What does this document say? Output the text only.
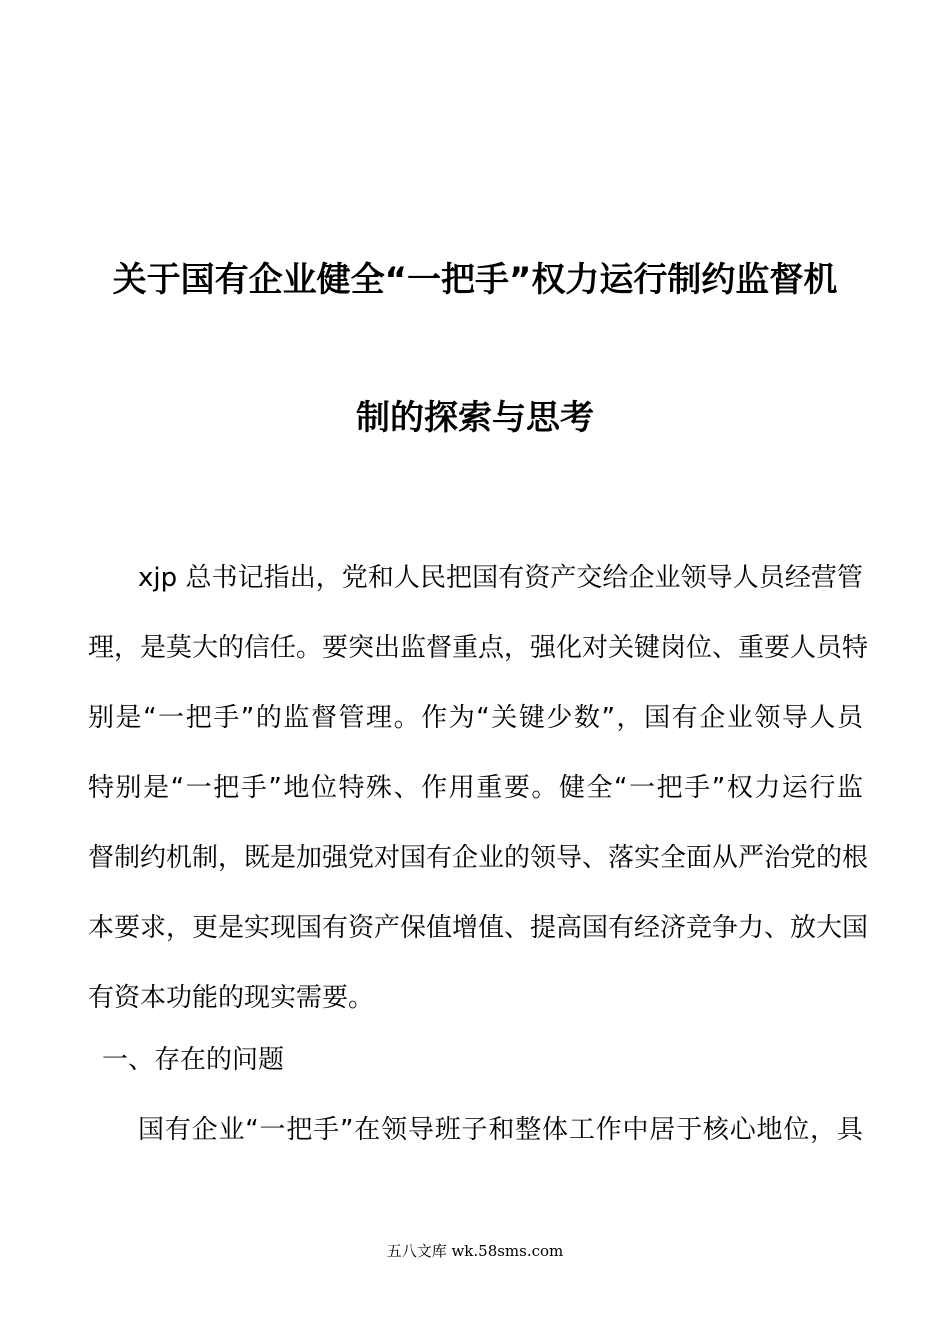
关于国有企业健全“一把手”权力运行制约监督机
制的探索与思考
xjp 总书记指出，党和人民把国有资产交给企业领导人员经营管
理，是莫大的信任。要突出监督重点，强化对关键岗位、重要人员特
别是“一把手”的监督管理。作为“关键少数”，国有企业领导人员
特别是“一把手”地位特殊、作用重要。健全“一把手”权力运行监
督制约机制，既是加强党对国有企业的领导、落实全面从严治党的根
本要求，更是实现国有资产保值增值、提高国有经济竞争力、放大国
有资本功能的现实需要。
一、存在的问题
国有企业“一把手”在领导班子和整体工作中居于核心地位，具
五八文库 wk.58sms.com
